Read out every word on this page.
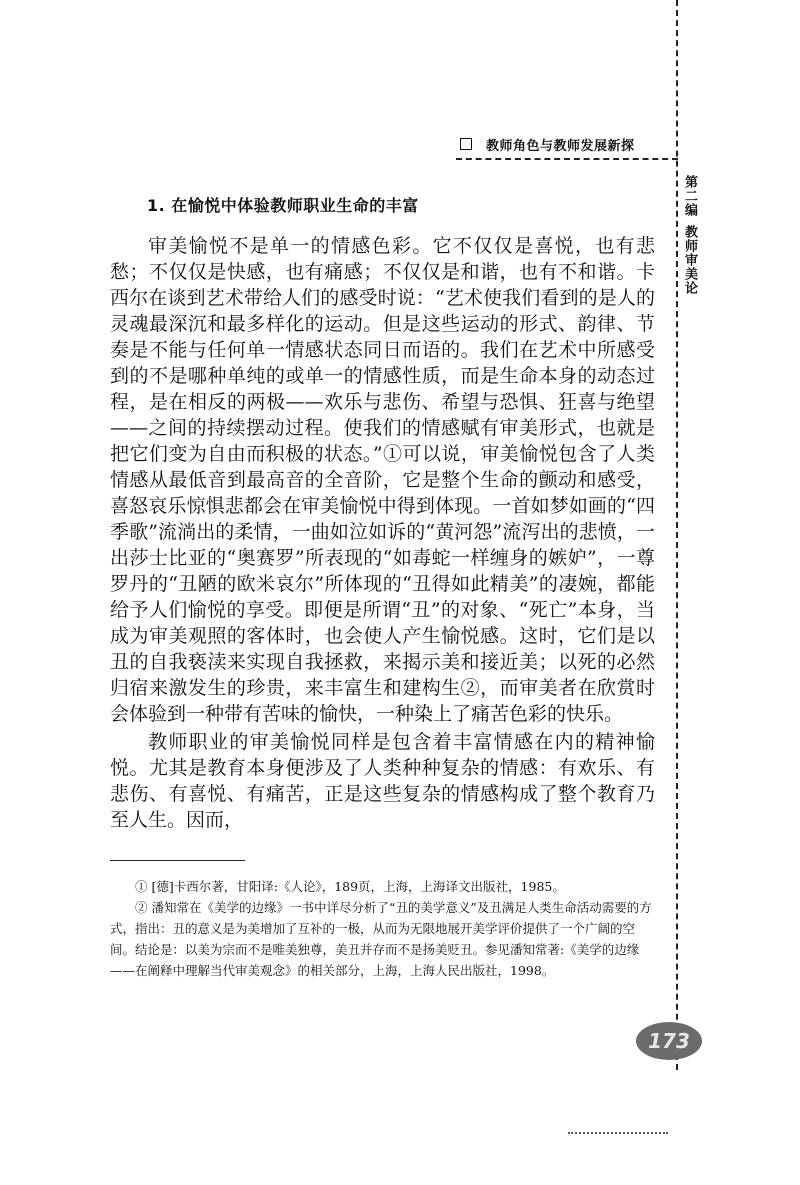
教师角色与教师发展新探
第二编
教师审美论
1. 在愉悦中体验教师职业生命的丰富

审美愉悦不是单一的情感色彩。它不仅仅是喜悦，也有悲愁；不仅仅是快感，也有痛感；不仅仅是和谐，也有不和谐。卡西尔在谈到艺术带给人们的感受时说：“艺术使我们看到的是人的灵魂最深沉和最多样化的运动。但是这些运动的形式、韵律、节奏是不能与任何单一情感状态同日而语的。我们在艺术中所感受到的不是哪种单纯的或单一的情感性质，而是生命本身的动态过程，是在相反的两极——欢乐与悲伤、希望与恐惧、狂喜与绝望——之间的持续摆动过程。使我们的情感赋有审美形式，也就是把它们变为自由而积极的状态。”①可以说，审美愉悦包含了人类情感从最低音到最高音的全音阶，它是整个生命的颤动和感受，喜怒哀乐惊惧悲都会在审美愉悦中得到体现。一首如梦如画的“四季歌”流淌出的柔情，一曲如泣如诉的“黄河怨”流泻出的悲愤，一出莎士比亚的“奥赛罗”所表现的“如毒蛇一样缠身的嫉妒”，一尊罗丹的“丑陋的欧米哀尔”所体现的“丑得如此精美”的凄婉，都能给予人们愉悦的享受。即便是所谓“丑”的对象、“死亡”本身，当成为审美观照的客体时，也会使人产生愉悦感。这时，它们是以丑的自我亵渎来实现自我拯救，来揭示美和接近美；以死的必然归宿来激发生的珍贵，来丰富生和建构生②，而审美者在欣赏时会体验到一种带有苦味的愉快，一种染上了痛苦色彩的快乐。

教师职业的审美愉悦同样是包含着丰富情感在内的精神愉悦。尤其是教育本身便涉及了人类种种复杂的情感：有欢乐、有悲伤、有喜悦、有痛苦，正是这些复杂的情感构成了整个教育乃至人生。因而，

① [德]卡西尔著，甘阳译:《人论》，189页，上海，上海译文出版社，1985。

② 潘知常在《美学的边缘》一书中详尽分析了“丑的美学意义”及丑满足人类生命活动需要的方式，指出：丑的意义是为美增加了互补的一极，从而为无限地展开美学评价提供了一个广阔的空间。结论是：以美为宗而不是唯美独尊，美丑并存而不是扬美贬丑。参见潘知常著:《美学的边缘——在阐释中理解当代审美观念》的相关部分，上海，上海人民出版社，1998。

173
